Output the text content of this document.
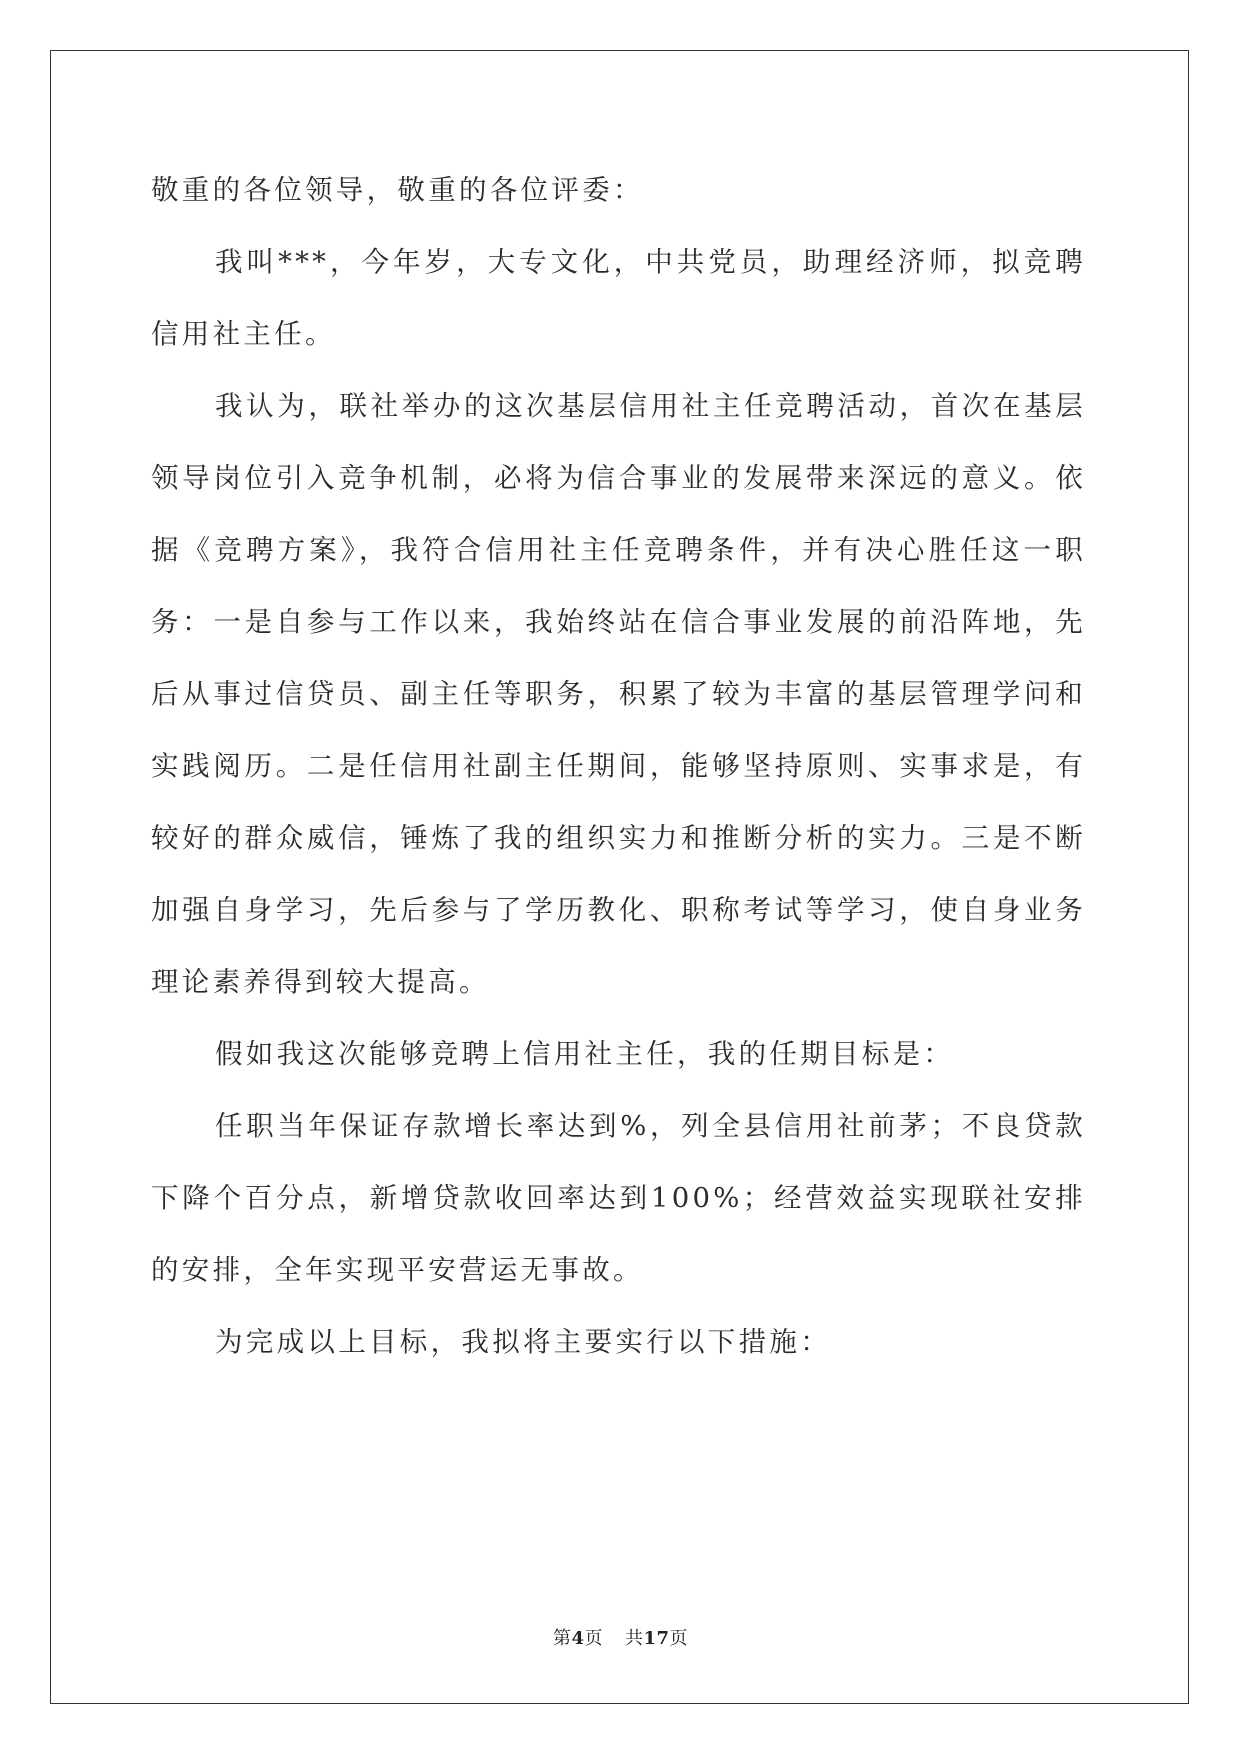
敬重的各位领导，敬重的各位评委：

我叫***，今年岁，大专文化，中共党员，助理经济师，拟竞聘信用社主任。

我认为，联社举办的这次基层信用社主任竞聘活动，首次在基层领导岗位引入竞争机制，必将为信合事业的发展带来深远的意义。依据《竞聘方案》，我符合信用社主任竞聘条件，并有决心胜任这一职务：一是自参与工作以来，我始终站在信合事业发展的前沿阵地，先后从事过信贷员、副主任等职务，积累了较为丰富的基层管理学问和实践阅历。二是任信用社副主任期间，能够坚持原则、实事求是，有较好的群众威信，锤炼了我的组织实力和推断分析的实力。三是不断加强自身学习，先后参与了学历教化、职称考试等学习，使自身业务理论素养得到较大提高。

假如我这次能够竞聘上信用社主任，我的任期目标是：

任职当年保证存款增长率达到%，列全县信用社前茅；不良贷款下降个百分点，新增贷款收回率达到100%；经营效益实现联社安排的安排，全年实现平安营运无事故。

为完成以上目标，我拟将主要实行以下措施：

第4页 共17页
